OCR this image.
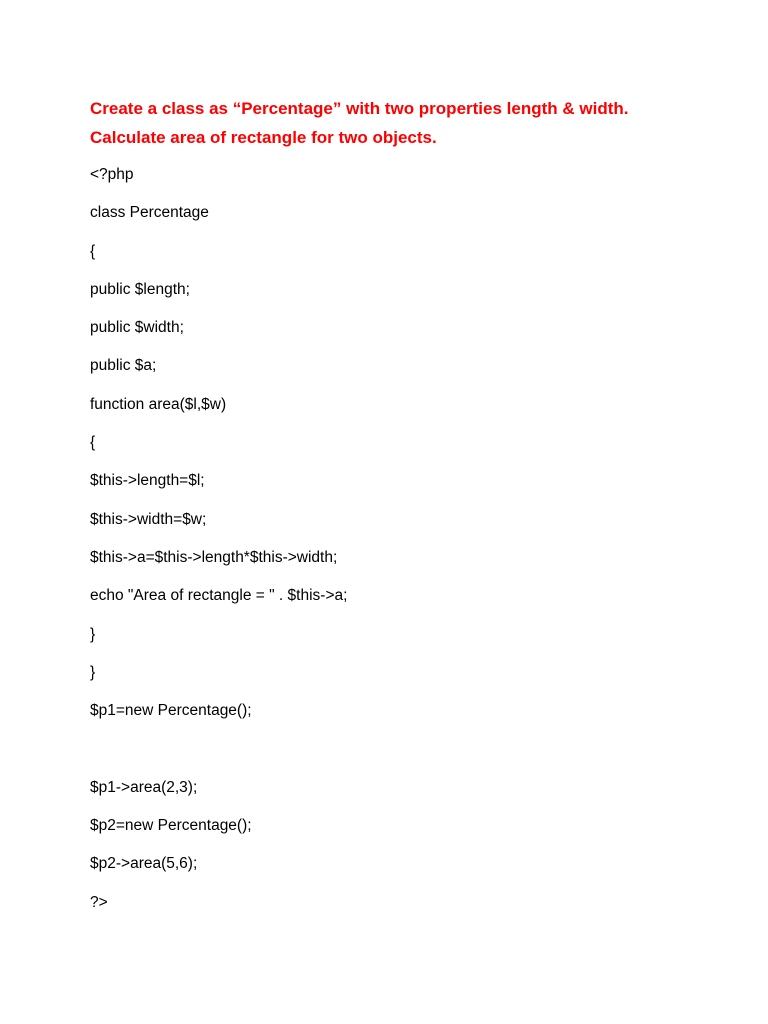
Create a class as “Percentage” with two properties length & width.
Calculate area of rectangle for two objects.
<?php
class Percentage
{
public $length;
public $width;
public $a;
function area($l,$w)
{
$this->length=$l;
$this->width=$w;
$this->a=$this->length*$this->width;
echo "Area of rectangle = " . $this->a;
}
}
$p1=new Percentage();
$p1->area(2,3);
$p2=new Percentage();
$p2->area(5,6);
?>
